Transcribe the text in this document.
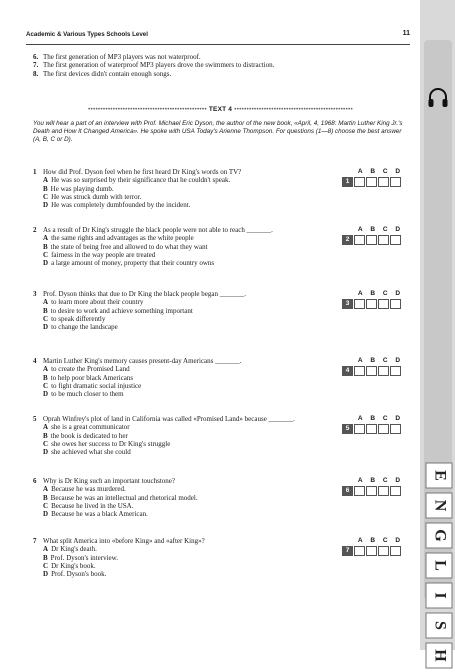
Academic & Various Types Schools Level	11
E
N
G
L
I
S
H
6. The first generation of MP3 players was not waterproof.
7. The first generation of waterproof MP3 players drove the swimmers to distraction.
8. The first devices didn't contain enough songs.
•••••••••••••••••••••••••••••••••••••••••••••••• TEXT 4 ••••••••••••••••••••••••••••••••••••••••••••••••
You will hear a part of an interview with Prof. Michael Eric Dyson, the author of the new book, «April, 4, 1968: Martin Luther King Jr.'s Death and How It Changed America». He spoke with USA Today's Arienne Thompson. For questions (1—8) choose the best answer (A, B, C or D).
1 How did Prof. Dyson feel when he first heard Dr King's words on TV?
A He was so surprised by their significance that he couldn't speak.
B He was playing dumb.
C He was struck dumb with terror.
D He was completely dumbfounded by the incident.
A B C D
1
2 As a result of Dr King's struggle the black people were not able to reach _______.
A the same rights and advantages as the white people
B the state of being free and allowed to do what they want
C fairness in the way people are treated
D a large amount of money, property that their country owns
A B C D
2
3 Prof. Dyson thinks that due to Dr King the black people began _______.
A to learn more about their country
B to desire to work and achieve something important
C to speak differently
D to change the landscape
A B C D
3
4 Martin Luther King's memory causes present-day Americans _______.
A to create the Promised Land
B to help poor black Americans
C to fight dramatic social injustice
D to be much closer to them
A B C D
4
5 Oprah Winfrey's plot of land in California was called «Promised Land» because _______.
A she is a great communicator
B the book is dedicated to her
C she owes her success to Dr King's struggle
D she achieved what she could
A B C D
5
6 Why is Dr King such an important touchstone?
A Because he was murdered.
B Because he was an intellectual and rhetorical model.
C Because he lived in the USA.
D Because he was a black American.
A B C D
6
7 What split America into «before King» and «after King»?
A Dr King's death.
B Prof. Dyson's interview.
C Dr King's book.
D Prof. Dyson's book.
A B C D
7
